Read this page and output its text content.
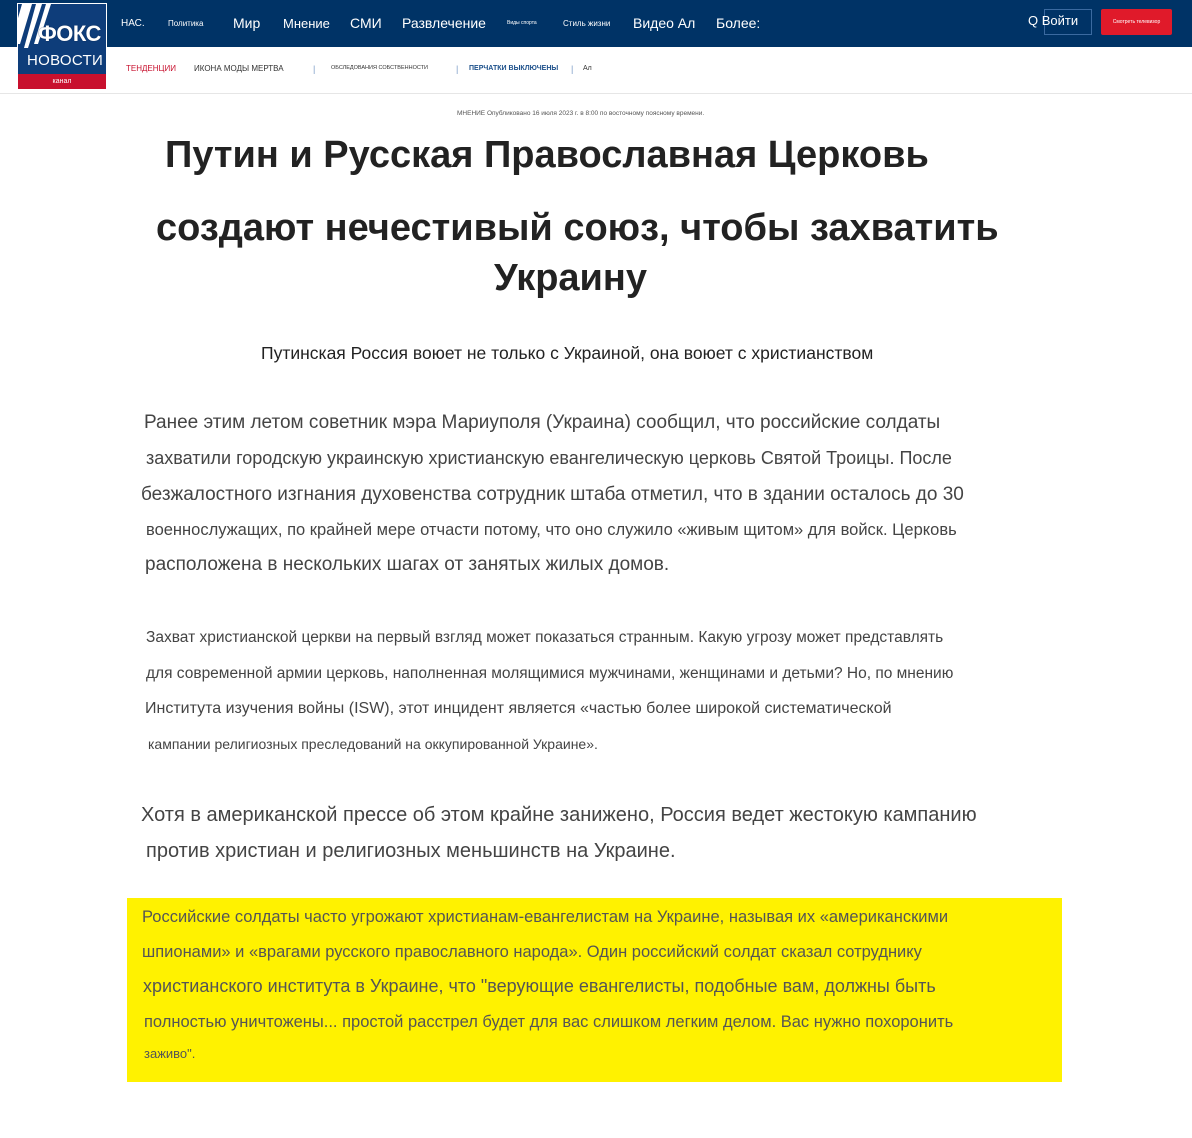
НАС.	Политика Мир Мнение СМИ Развлечение	Виды спорта	Стиль жизни Видео Ал Более:	Q Войти	Смотреть телевизор
ФОКС
НОВОСТИ
канал
ТЕНДЕНЦИИ ИКОНА МОДЫ МЕРТВА	|	ОБСЛЕДОВАНИЯ СОБСТВЕННОСТИ	| ПЕРЧАТКИ ВЫКЛЮЧЕНЫ | Ал
МНЕНИЕ Опубликовано 16 июля 2023 г. в 8:00 по восточному поясному времени.
Путин и Русская Православная Церковь
создают нечестивый союз, чтобы захватить
Украину
Путинская Россия воюет не только с Украиной, она воюет с христианством
Ранее этим летом советник мэра Мариуполя (Украина) сообщил, что российские солдаты
захватили городскую украинскую христианскую евангелическую церковь Святой Троицы. После
безжалостного изгнания духовенства сотрудник штаба отметил, что в здании осталось до 30
военнослужащих, по крайней мере отчасти потому, что оно служило «живым щитом» для войск. Церковь
расположена в нескольких шагах от занятых жилых домов.
Захват христианской церкви на первый взгляд может показаться странным. Какую угрозу может представлять
для современной армии церковь, наполненная молящимися мужчинами, женщинами и детьми? Но, по мнению
Института изучения войны (ISW), этот инцидент является «частью более широкой систематической
кампании религиозных преследований на оккупированной Украине».
Хотя в американской прессе об этом крайне занижено, Россия ведет жестокую кампанию
против христиан и религиозных меньшинств на Украине.
Российские солдаты часто угрожают христианам-евангелистам на Украине, называя их «американскими
шпионами» и «врагами русского православного народа». Один российский солдат сказал сотруднику
христианского института в Украине, что "верующие евангелисты, подобные вам, должны быть
полностью уничтожены... простой расстрел будет для вас слишком легким делом. Вас нужно похоронить
заживо".
